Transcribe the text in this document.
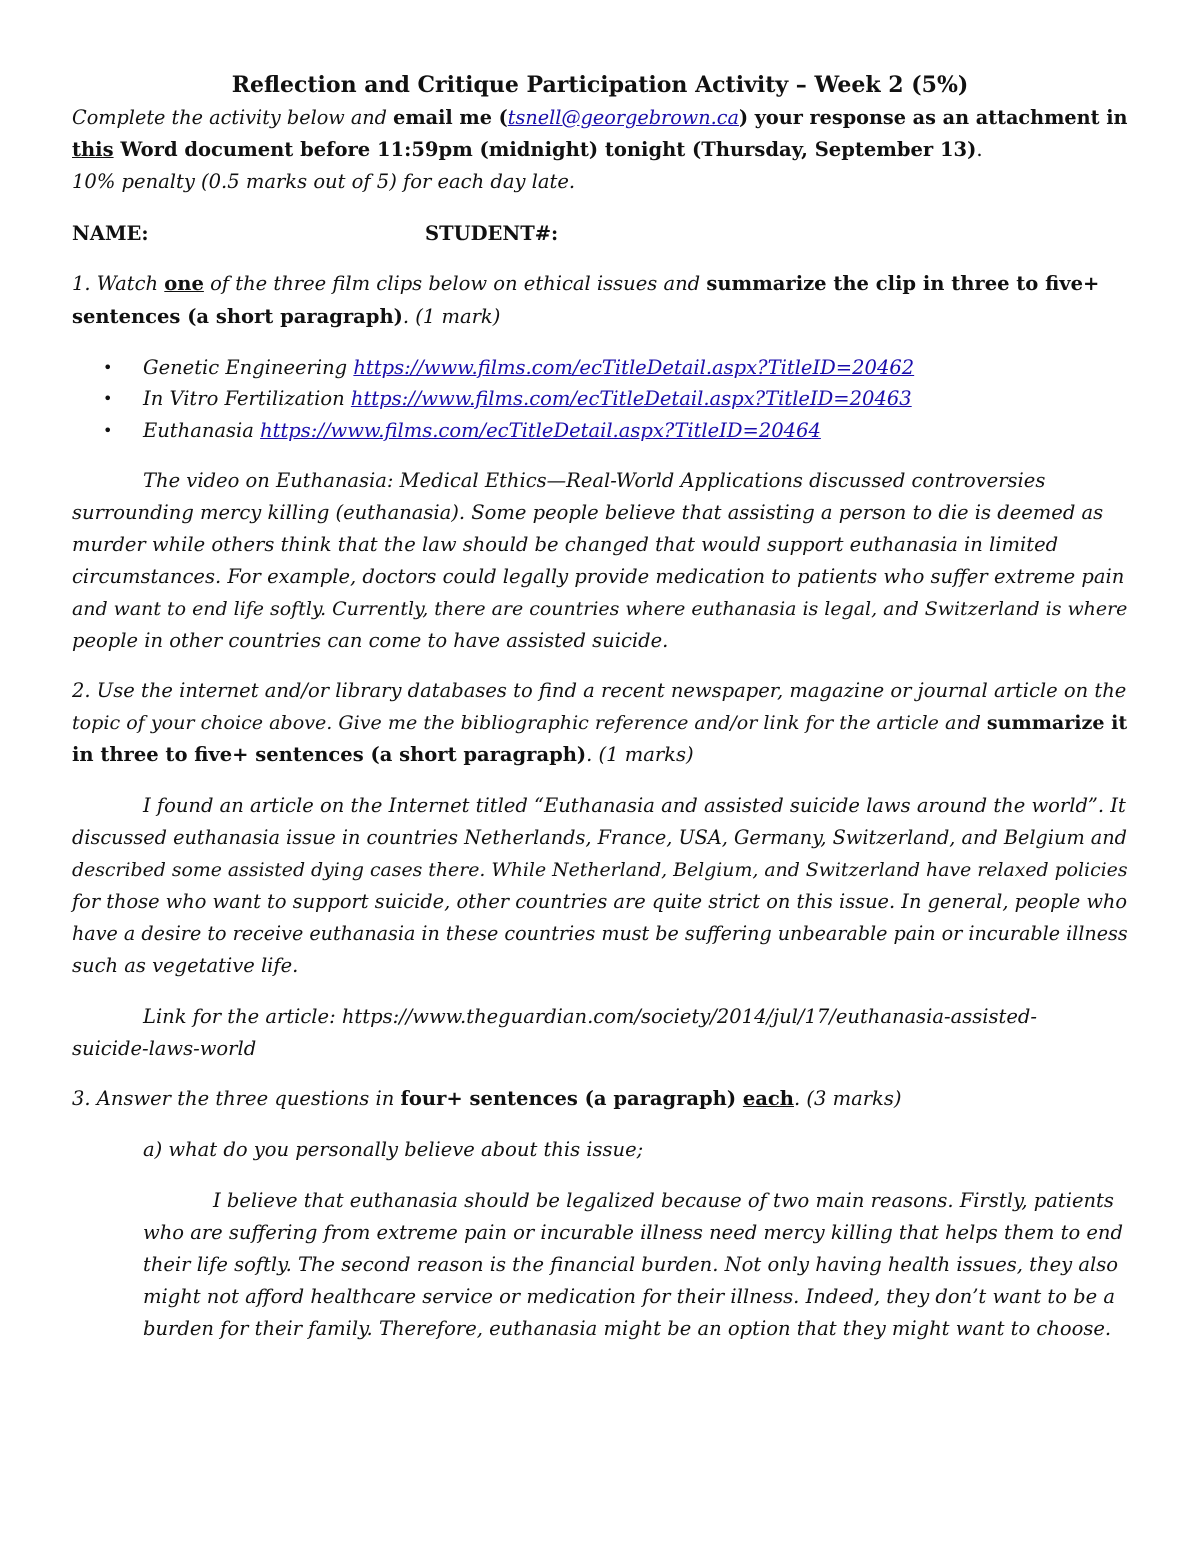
Reflection and Critique Participation Activity – Week 2 (5%)
Complete the activity below and email me (tsnell@georgebrown.ca) your response as an attachment in
this Word document before 11:59pm (midnight) tonight (Thursday, September 13).
10% penalty (0.5 marks out of 5) for each day late.
NAME:	STUDENT#:
1. Watch one of the three film clips below on ethical issues and summarize the clip in three to five+
sentences (a short paragraph). (1 mark)
• Genetic Engineering https://www.films.com/ecTitleDetail.aspx?TitleID=20462
• In Vitro Fertilization https://www.films.com/ecTitleDetail.aspx?TitleID=20463
• Euthanasia https://www.films.com/ecTitleDetail.aspx?TitleID=20464
The video on Euthanasia: Medical Ethics—Real-World Applications discussed controversies
surrounding mercy killing (euthanasia). Some people believe that assisting a person to die is deemed as
murder while others think that the law should be changed that would support euthanasia in limited
circumstances. For example, doctors could legally provide medication to patients who suffer extreme pain
and want to end life softly. Currently, there are countries where euthanasia is legal, and Switzerland is where
people in other countries can come to have assisted suicide.
2. Use the internet and/or library databases to find a recent newspaper, magazine or journal article on the
topic of your choice above. Give me the bibliographic reference and/or link for the article and summarize it
in three to five+ sentences (a short paragraph). (1 marks)
I found an article on the Internet titled “Euthanasia and assisted suicide laws around the world”. It
discussed euthanasia issue in countries Netherlands, France, USA, Germany, Switzerland, and Belgium and
described some assisted dying cases there. While Netherland, Belgium, and Switzerland have relaxed policies
for those who want to support suicide, other countries are quite strict on this issue. In general, people who
have a desire to receive euthanasia in these countries must be suffering unbearable pain or incurable illness
such as vegetative life.
Link for the article: https://www.theguardian.com/society/2014/jul/17/euthanasia-assisted-
suicide-laws-world
3. Answer the three questions in four+ sentences (a paragraph) each. (3 marks)
a) what do you personally believe about this issue;
I believe that euthanasia should be legalized because of two main reasons. Firstly, patients
who are suffering from extreme pain or incurable illness need mercy killing that helps them to end
their life softly. The second reason is the financial burden. Not only having health issues, they also
might not afford healthcare service or medication for their illness. Indeed, they don’t want to be a
burden for their family. Therefore, euthanasia might be an option that they might want to choose.
